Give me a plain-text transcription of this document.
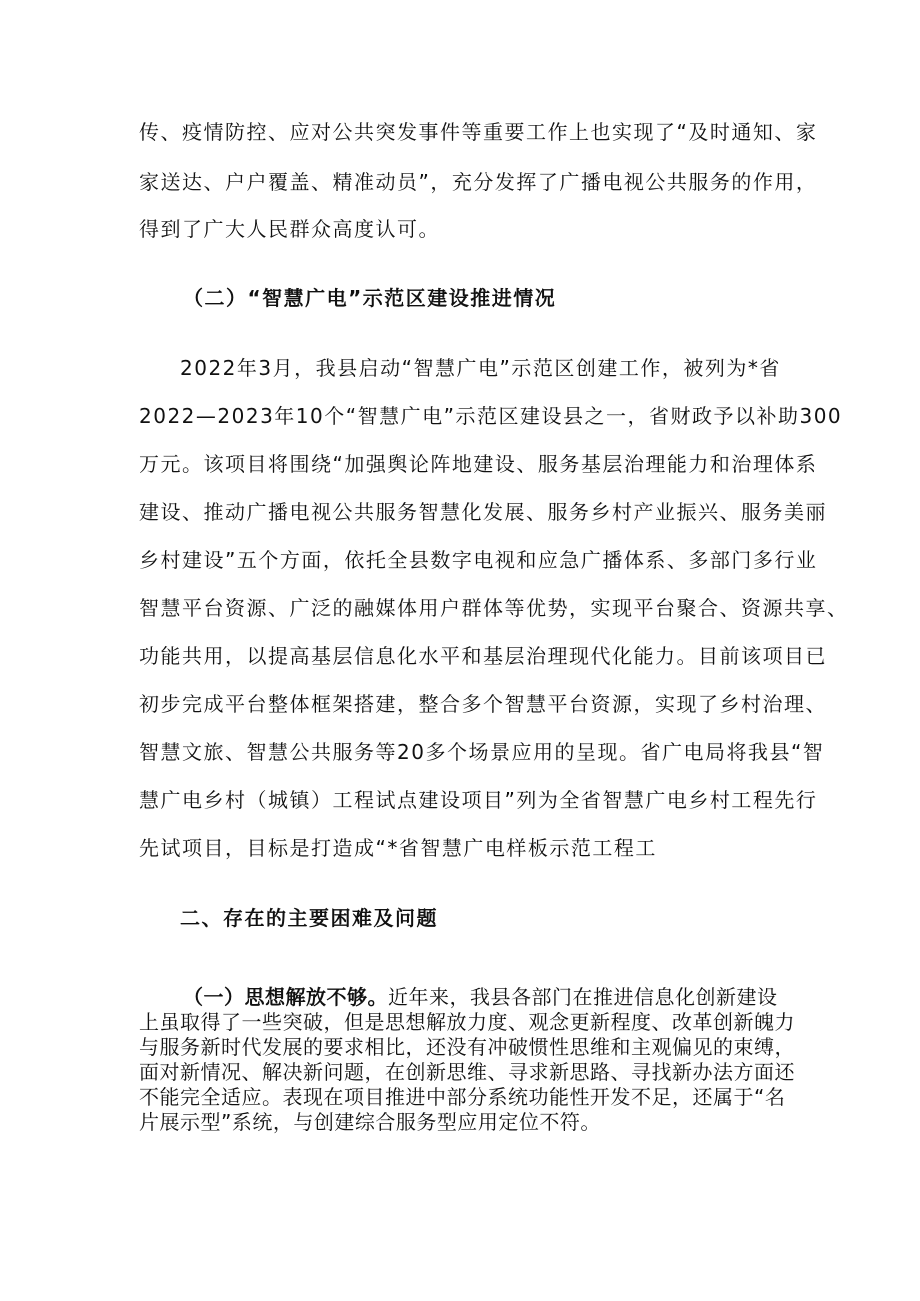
传、疫情防控、应对公共突发事件等重要工作上也实现了“及时通知、家
家送达、户户覆盖、精准动员”，充分发挥了广播电视公共服务的作用，
得到了广大人民群众高度认可。
（二）“智慧广电”示范区建设推进情况
2022年3月，我县启动“智慧广电”示范区创建工作，被列为*省
2022—2023年10个“智慧广电”示范区建设县之一，省财政予以补助300
万元。该项目将围绕“加强舆论阵地建设、服务基层治理能力和治理体系
建设、推动广播电视公共服务智慧化发展、服务乡村产业振兴、服务美丽
乡村建设”五个方面，依托全县数字电视和应急广播体系、多部门多行业
智慧平台资源、广泛的融媒体用户群体等优势，实现平台聚合、资源共享、
功能共用，以提高基层信息化水平和基层治理现代化能力。目前该项目已
初步完成平台整体框架搭建，整合多个智慧平台资源，实现了乡村治理、
智慧文旅、智慧公共服务等20多个场景应用的呈现。省广电局将我县“智
慧广电乡村（城镇）工程试点建设项目”列为全省智慧广电乡村工程先行
先试项目，目标是打造成“*省智慧广电样板示范工程工
二、存在的主要困难及问题
（一）思想解放不够。近年来，我县各部门在推进信息化创新建设
上虽取得了一些突破，但是思想解放力度、观念更新程度、改革创新魄力
与服务新时代发展的要求相比，还没有冲破惯性思维和主观偏见的束缚，
面对新情况、解决新问题，在创新思维、寻求新思路、寻找新办法方面还
不能完全适应。表现在项目推进中部分系统功能性开发不足，还属于“名
片展示型”系统，与创建综合服务型应用定位不符。
